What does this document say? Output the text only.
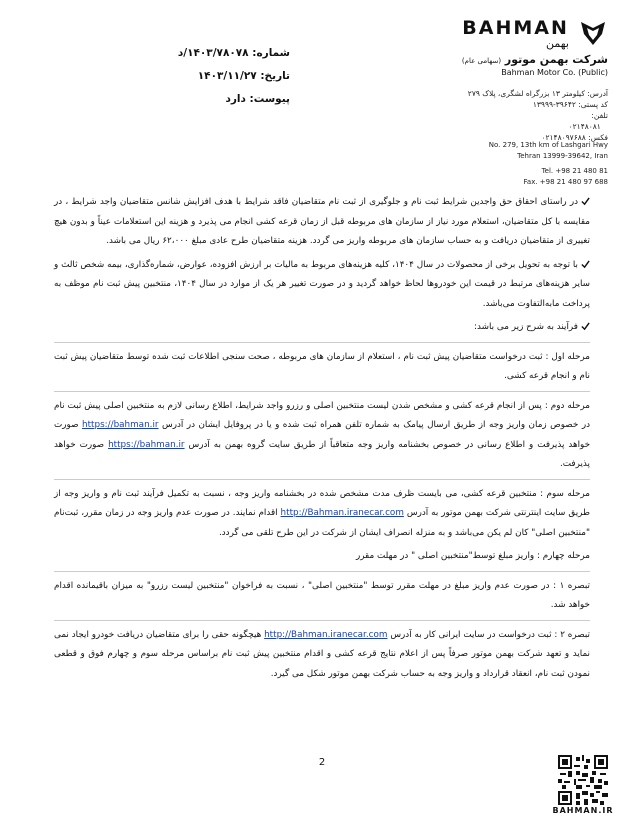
BAHMAN
بهمن

شرکت بهمن موتور (سهامی عام)
Bahman Motor Co. (Public)
آدرس: کیلومتر ۱۳ بزرگراه لشگری، پلاک ۲۷۹
کد پستی: ۳۹۶۴۲-۱۳۹۹۹
تلفن:
۰۲۱۴۸۰۸۱
فکس: ۰۲۱۴۸۰۹۷۶۸۸
No. 279, 13th km of Lashgari Hwy
Tehran 13999-39642, Iran
Tel. +98 21 480 81
Fax. +98 21 480 97 688
شماره: ۱۴۰۳/۷۸۰۷۸/د
تاریخ: ۱۴۰۳/۱۱/۲۷
پیوست: دارد

در راستای احقاق حق واجدین شرایط ثبت نام و جلوگیری از ثبت نام متقاضیان فاقد شرایط با هدف افزایش شانس متقاضیان واجد شرایط ، در مقایسه با کل متقاضیان، استعلام مورد نیاز از سازمان های مربوطه قبل از زمان قرعه کشی انجام می پذیرد و هزینه این استعلامات عیناً و بدون هیچ تغییری از متقاضیان دریافت و به حساب سازمان های مربوطه واریز می گردد. هزینه متقاضیان طرح عادی مبلغ ۶۲،۰۰۰ ریال می باشد.

با توجه به تحویل برخی از محصولات در سال ۱۴۰۴، کلیه هزینه‌های مربوط به مالیات بر ارزش افزوده، عوارض، شماره‌گذاری، بیمه شخص ثالث و سایر هزینه‌های مرتبط در قیمت این خودروها لحاظ خواهد گردید و در صورت تغییر هر یک از موارد در سال ۱۴۰۴، منتخبین پیش ثبت نام موظف به پرداخت مابه‌التفاوت می‌باشد.

فرآیند به شرح زیر می باشد:

مرحله اول : ثبت درخواست متقاضیان پیش ثبت نام ، استعلام از سازمان های مربوطه ، صحت سنجی اطلاعات ثبت شده توسط متقاضیان پیش ثبت نام و انجام قرعه کشی.

مرحله دوم : پس از انجام قرعه کشی و مشخص شدن لیست منتخبین اصلی و رزرو واجد شرایط، اطلاع رسانی لازم به منتخبین اصلی پیش ثبت نام در خصوص زمان واریز وجه از طریق ارسال پیامک به شماره تلفن همراه ثبت شده و یا در پروفایل ایشان در آدرس https://bahman.ir صورت خواهد پذیرفت و اطلاع رسانی در خصوص بخشنامه واریز وجه متعاقباً از طریق سایت گروه بهمن به آدرس https://bahman.ir صورت خواهد پذیرفت.

مرحله سوم : منتخبین قرعه کشی، می بایست ظرف مدت مشخص شده در بخشنامه واریز وجه ، نسبت به تکمیل فرآیند ثبت نام و واریز وجه از طریق سایت اینترنتی شرکت بهمن موتور به آدرس http://Bahman.iranecar.com اقدام نمایند. در صورت عدم واریز وجه در زمان مقرر، ثبت‌نام "منتخبین اصلی" کان لم یکن می‌باشد و به منزله انصراف ایشان از شرکت در این طرح تلقی می گردد.

مرحله چهارم : واریز مبلغ توسط"منتخبین اصلی " در مهلت مقرر

تبصره ۱ : در صورت عدم واریز مبلغ در مهلت مقرر توسط "منتخبین اصلی" ، نسبت به فراخوان "منتخبین لیست رزرو" به میزان باقیمانده اقدام خواهد شد.

تبصره ۲ : ثبت درخواست در سایت ایرانی کار به آدرس http://Bahman.iranecar.com هیچگونه حقی را برای متقاضیان دریافت خودرو ایجاد نمی نماید و تعهد شرکت بهمن موتور صرفاً پس از اعلام نتایج قرعه کشی و اقدام منتخبین پیش ثبت نام براساس مرحله سوم و چهارم فوق و قطعی نمودن ثبت نام، انعقاد قرارداد و واریز وجه به حساب شرکت بهمن موتور شکل می گیرد.

2
BAHMAN.IR
